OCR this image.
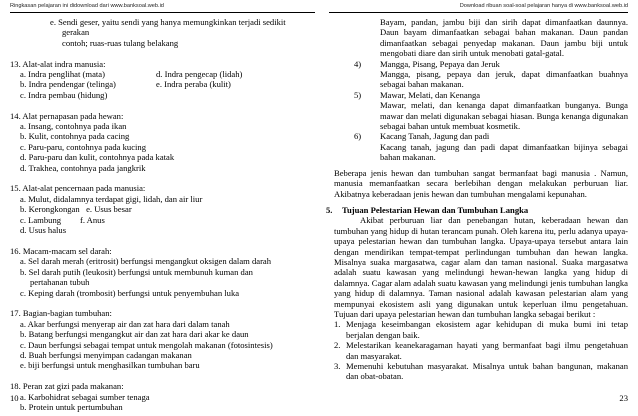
Ringkasan pelajaran ini didownload dari www.banksoal.web.id	Download ribuan soal-soal pelajaran hanya di www.banksoal.web.id
e. Sendi geser, yaitu sendi yang hanya memungkinkan terjadi sedikit
gerakan
contoh; ruas-ruas tulang belakang
13. Alat-alat indra manusia:
a. Indra penglihat (mata)	d. Indra pengecap (lidah)
b. Indra pendengar (telinga)	e. Indra peraba (kulit)
c. Indra pembau (hidung)
14. Alat pernapasan pada hewan:
a. Insang, contohnya pada ikan
b. Kulit, contohnya pada cacing
c. Paru-paru, contohnya pada kucing
d. Paru-paru dan kulit, contohnya pada katak
d. Trakhea, contohnya pada jangkrik
15. Alat-alat pencernaan pada manusia:
a. Mulut, didalamnya terdapat gigi, lidah, dan air liur
b. Kerongkongan   e. Usus besar
c. Lambung	f. Anus
d. Usus halus
16. Macam-macam sel darah:
a. Sel darah merah (eritrosit) berfungsi mengangkut oksigen dalam darah
b. Sel darah putih (leukosit) berfungsi untuk membunuh kuman dan
pertahanan tubuh
c. Keping darah (trombosit) berfungsi untuk penyembuhan luka
17. Bagian-bagian tumbuhan:
a. Akar berfungsi menyerap air dan zat hara dari dalam tanah
b. Batang berfungsi mengangkut air dan zat hara dari akar ke daun
c. Daun berfungsi sebagai tempat untuk mengolah makanan (fotosintesis)
d. Buah berfungsi menyimpan cadangan makanan
e. biji berfungsi untuk menghasilkan tumbuhan baru
18. Peran zat gizi pada makanan:
a. Karbohidrat sebagai sumber tenaga
b. Protein untuk pertumbuhan
Bayam, pandan, jambu biji dan sirih dapat dimanfaatkan daunnya. Daun bayam dimanfaatkan sebagai bahan makanan. Daun pandan dimanfaatkan sebagai penyedap makanan. Daun jambu biji untuk mengobati diare dan sirih untuk menobati gatal-gatal.
4)	Mangga, Pisang, Pepaya dan Jeruk
Mangga, pisang, pepaya dan jeruk, dapat dimanfaatkan buahnya sebagai bahan makanan.
5)	Mawar, Melati, dan Kenanga
Mawar, melati, dan kenanga dapat dimanfaatkan bunganya. Bunga mawar dan melati digunakan sebagai hiasan. Bunga kenanga digunakan sebagai bahan untuk membuat kosmetik.
6)	Kacang Tanah, Jagung dan padi
Kacang tanah, jagung dan padi dapat dimanfaatkan bijinya sebagai bahan makanan.
Beberapa jenis hewan dan tumbuhan sangat bermanfaat bagi manusia . Namun, manusia memanfaatkan secara berlebihan dengan melakukan perburuan liar. Akibatnya keberadaan jenis hewan dan tumbuhan mengalami kepunahan.
5.	Tujuan Pelestarian Hewan dan Tumbuhan Langka
Akibat perburuan liar dan penebangan hutan, keberadaan hewan dan tumbuhan yang hidup di hutan terancam punah. Oleh karena itu, perlu adanya upaya-upaya pelestarian hewan dan tumbuhan langka. Upaya-upaya tersebut antara lain dengan mendirikan tempat-tempat perlindungan tumbuhan dan hewan langka. Misalnya suaka margasatwa, cagar alam dan taman nasional. Suaka margasatwa adalah suatu kawasan yang melindungi hewan-hewan langka yang hidup di dalamnya. Cagar alam adalah suatu kawasan yang melindungi jenis tumbuhan langka yang hidup di dalamnya. Taman nasional adalah kawasan pelestarian alam yang mempunyai ekosistem asli yang digunakan untuk keperluan ilmu pengetahuan. Tujuan dari upaya pelestarian hewan dan tumbuhan langka sebagai berikut :
1. Menjaga keseimbangan ekosistem agar kehidupan di muka bumi ini tetap berjalan dengan baik.
2. Melestarikan keanekaragaman hayati yang bermanfaat bagi ilmu pengetahuan dan masyarakat.
3. Memenuhi kebutuhan masyarakat. Misalnya untuk bahan bangunan, makanan dan obat-obatan.
10	23
